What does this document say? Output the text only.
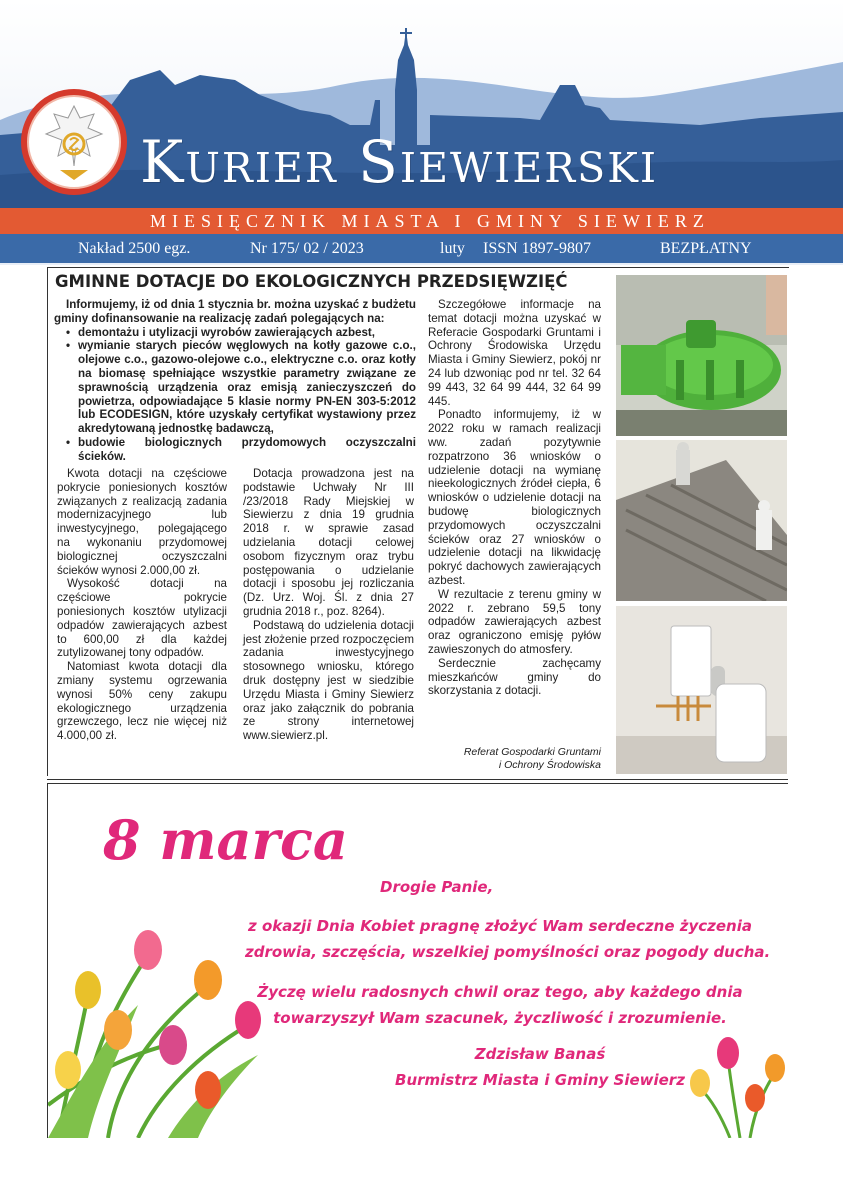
Kurier Siewierski
MIESIĘCZNIK MIASTA I GMINY SIEWIERZ
Nakład 2500 egz.	Nr 175/ 02 / 2023	luty ISSN 1897-9807	BEZPŁATNY
GMINNE DOTACJE DO EKOLOGICZNYCH PRZEDSIĘWZIĘĆ

Informujemy, iż od dnia 1 stycznia br. można uzyskać z budżetu gminy dofinansowanie na realizację zadań polegających na:

• demontażu i utylizacji wyrobów zawierających azbest,
• wymianie starych pieców węglowych na kotły gazowe c.o., olejowe c.o., gazowo-olejowe c.o., elektryczne c.o. oraz kotły na biomasę spełniające wszystkie parametry związane ze sprawnością urządzenia oraz emisją zanieczyszczeń do powietrza, odpowiadające 5 klasie normy PN-EN 303-5:2012 lub ECODESIGN, które uzyskały certyfikat wystawiony przez akredytowaną jednostkę badawczą,
• budowie biologicznych przydomowych oczyszczalni ścieków.

Kwota dotacji na częściowe pokrycie poniesionych kosztów związanych z realizacją zadania modernizacyjnego lub inwestycyjnego, polegającego na wykonaniu przydomowej biologicznej oczyszczalni ścieków wynosi 2.000,00 zł.

Wysokość dotacji na częściowe pokrycie poniesionych kosztów utylizacji odpadów zawierających azbest to 600,00 zł dla każdej zutylizowanej tony odpadów.

Natomiast kwota dotacji dla zmiany systemu ogrzewania wynosi 50% ceny zakupu ekologicznego urządzenia grzewczego, lecz nie więcej niż 4.000,00 zł.

Dotacja prowadzona jest na podstawie Uchwały Nr III /23/2018 Rady Miejskiej w Siewierzu z dnia 19 grudnia 2018 r. w sprawie zasad udzielania dotacji celowej osobom fizycznym oraz trybu postępowania o udzielanie dotacji i sposobu jej rozliczania (Dz. Urz. Woj. Śl. z dnia 27 grudnia 2018 r., poz. 8264).

Podstawą do udzielenia dotacji jest złożenie przed rozpoczęciem zadania inwestycyjnego stosownego wniosku, którego druk dostępny jest w siedzibie Urzędu Miasta i Gminy Siewierz oraz jako załącznik do pobrania ze strony internetowej www.siewierz.pl.

Szczegółowe informacje na temat dotacji można uzyskać w Referacie Gospodarki Gruntami i Ochrony Środowiska Urzędu Miasta i Gminy Siewierz, pokój nr 24 lub dzwoniąc pod nr tel. 32 64 99 443, 32 64 99 444, 32 64 99 445.

Ponadto informujemy, iż w 2022 roku w ramach realizacji ww. zadań pozytywnie rozpatrzono 36 wniosków o udzielenie dotacji na wymianę nieekologicznych źródeł ciepła, 6 wniosków o udzielenie dotacji na budowę biologicznych przydomowych oczyszczalni ścieków oraz 27 wniosków o udzielenie dotacji na likwidację pokryć dachowych zawierających azbest.

W rezultacie z terenu gminy w 2022 r. zebrano 59,5 tony odpadów zawierających azbest oraz ograniczono emisję pyłów zawieszonych do atmosfery.

Serdecznie zachęcamy mieszkańców gminy do skorzystania z dotacji.

Referat Gospodarki Gruntami
i Ochrony Środowiska
8 marca
Drogie Panie,
z okazji Dnia Kobiet pragnę złożyć Wam serdeczne życzenia
zdrowia, szczęścia, wszelkiej pomyślności oraz pogody ducha.
Życzę wielu radosnych chwil oraz tego, aby każdego dnia
towarzyszył Wam szacunek, życzliwość i zrozumienie.
Zdzisław Banaś
Burmistrz Miasta i Gminy Siewierz
